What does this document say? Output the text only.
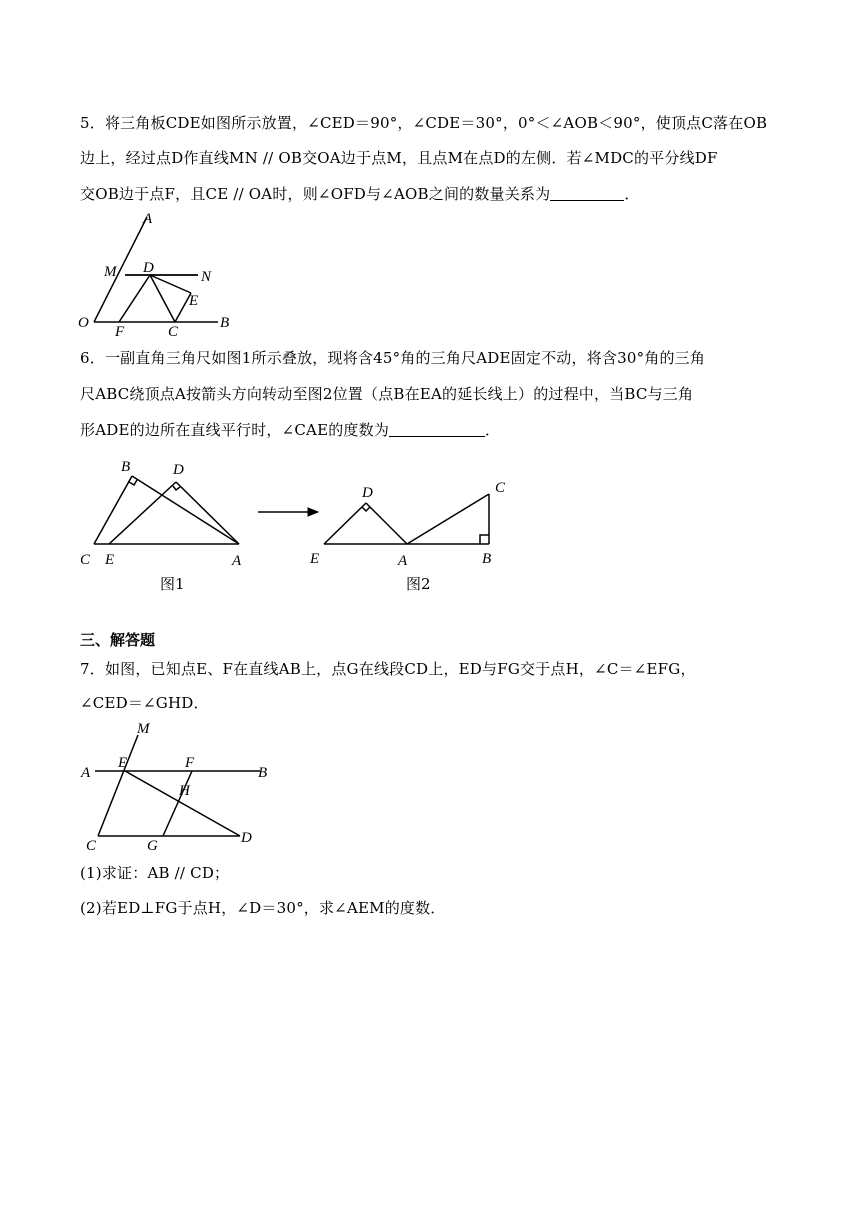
5．将三角板CDE如图所示放置，∠CED＝90°，∠CDE＝30°，0°＜∠AOB＜90°，使顶点C落在OB
边上，经过点D作直线MN // OB交OA边于点M，且点M在点D的左侧．若∠MDC的平分线DF
交OB边于点F，且CE // OA时，则∠OFD与∠AOB之间的数量关系为	．
A
M D
N
E
O
F	C
B
6．一副直角三角尺如图1所示叠放，现将含45°角的三角尺ADE固定不动，将含30°角的三角
尺ABC绕顶点A按箭头方向转动至图2位置（点B在EA的延长线上）的过程中，当BC与三角
形ADE的边所在直线平行时，∠CAE的度数为	．
B	D
C E	A
图1
D	C
E	A	B
图2
三、解答题
7．如图，已知点E、F在直线AB上，点G在线段CD上，ED与FG交于点H，∠C＝∠EFG，
∠CED＝∠GHD．
M
A
E	F
B
H
C	G	D
(1)求证：AB // CD；
(2)若ED⊥FG于点H，∠D＝30°，求∠AEM的度数．
